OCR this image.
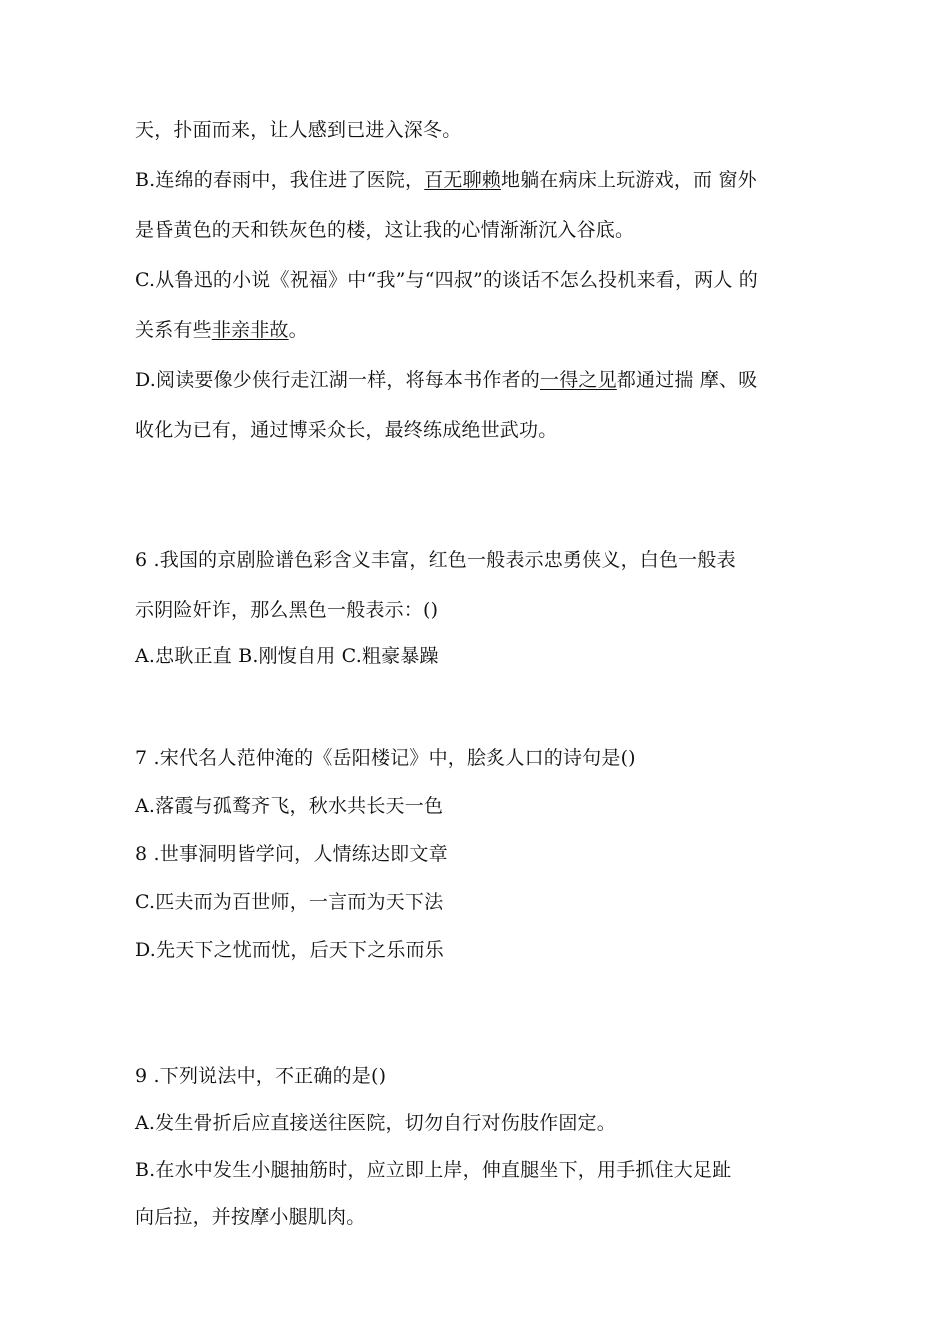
天，扑面而来，让人感到已进入深冬。
B.连绵的春雨中，我住进了医院，百无聊赖地躺在病床上玩游戏，而 窗外
是昏黄色的天和铁灰色的楼，这让我的心情渐渐沉入谷底。
C.从鲁迅的小说《祝福》中“我”与“四叔”的谈话不怎么投机来看，两人 的
关系有些非亲非故。
D.阅读要像少侠行走江湖一样，将每本书作者的一得之见都通过揣 摩、吸
收化为已有，通过博采众长，最终练成绝世武功。
6 .我国的京剧脸谱色彩含义丰富，红色一般表示忠勇侠义，白色一般表
示阴险奸诈，那么黑色一般表示：()
A.忠耿正直 B.刚愎自用 C.粗豪暴躁
7 .宋代名人范仲淹的《岳阳楼记》中，脍炙人口的诗句是()
A.落霞与孤鹜齐飞，秋水共长天一色
8 .世事洞明皆学问，人情练达即文章
C.匹夫而为百世师，一言而为天下法
D.先天下之忧而忧，后天下之乐而乐
9 .下列说法中，不正确的是()
A.发生骨折后应直接送往医院，切勿自行对伤肢作固定。
B.在水中发生小腿抽筋时，应立即上岸，伸直腿坐下，用手抓住大足趾
向后拉，并按摩小腿肌肉。
